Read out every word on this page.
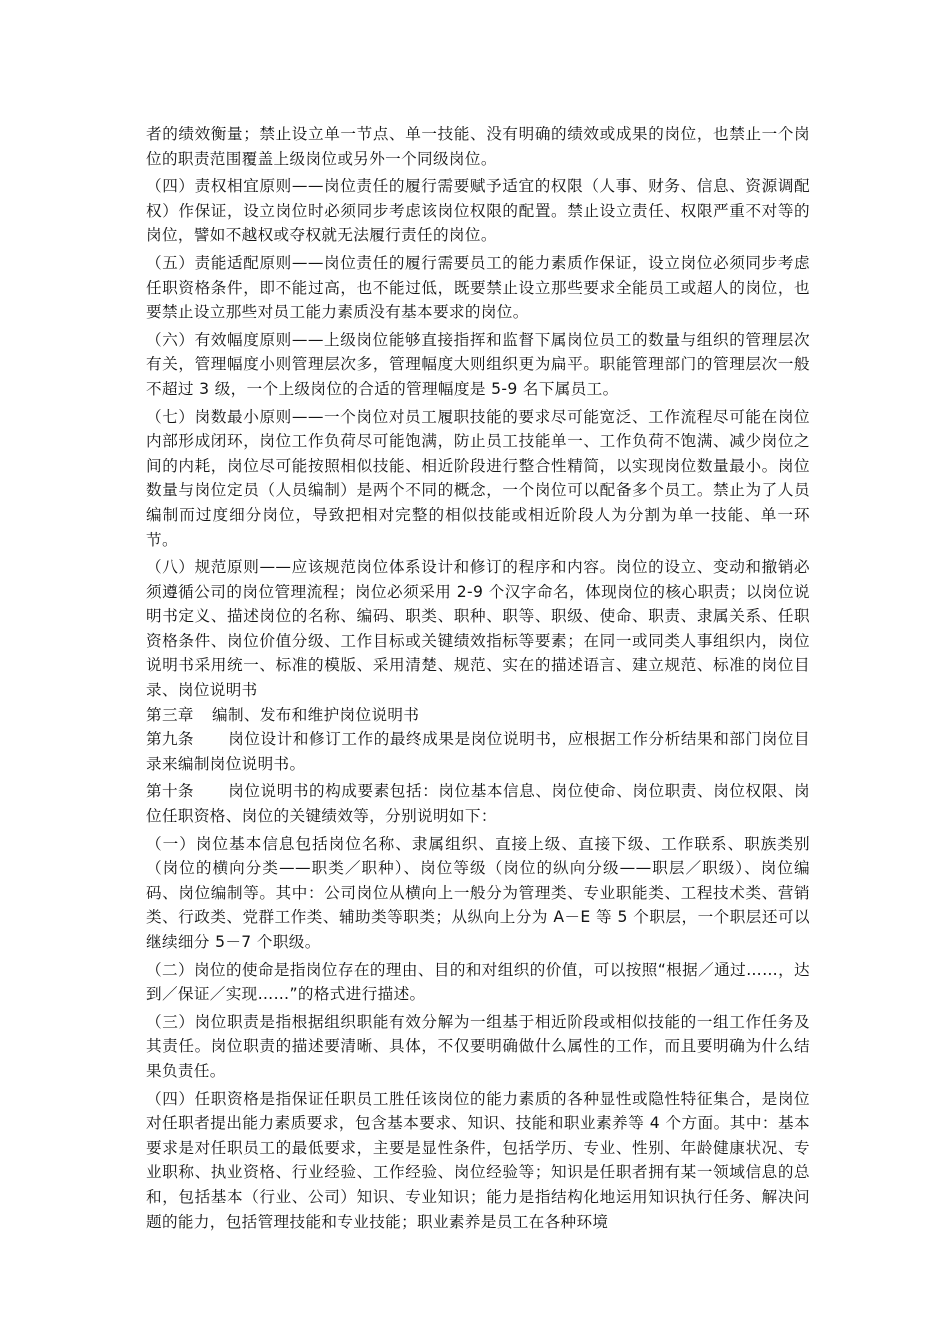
者的绩效衡量；禁止设立单一节点、单一技能、没有明确的绩效或成果的岗位，也禁止一个岗位的职责范围覆盖上级岗位或另外一个同级岗位。

（四）责权相宜原则——岗位责任的履行需要赋予适宜的权限（人事、财务、信息、资源调配权）作保证，设立岗位时必须同步考虑该岗位权限的配置。禁止设立责任、权限严重不对等的岗位，譬如不越权或夺权就无法履行责任的岗位。

（五）责能适配原则——岗位责任的履行需要员工的能力素质作保证，设立岗位必须同步考虑任职资格条件，即不能过高，也不能过低，既要禁止设立那些要求全能员工或超人的岗位，也要禁止设立那些对员工能力素质没有基本要求的岗位。

（六）有效幅度原则——上级岗位能够直接指挥和监督下属岗位员工的数量与组织的管理层次有关，管理幅度小则管理层次多，管理幅度大则组织更为扁平。职能管理部门的管理层次一般不超过 3 级，一个上级岗位的合适的管理幅度是 5-9 名下属员工。

（七）岗数最小原则——一个岗位对员工履职技能的要求尽可能宽泛、工作流程尽可能在岗位内部形成闭环，岗位工作负荷尽可能饱满，防止员工技能单一、工作负荷不饱满、减少岗位之间的内耗，岗位尽可能按照相似技能、相近阶段进行整合性精简，以实现岗位数量最小。岗位数量与岗位定员（人员编制）是两个不同的概念，一个岗位可以配备多个员工。禁止为了人员编制而过度细分岗位，导致把相对完整的相似技能或相近阶段人为分割为单一技能、单一环节。

（八）规范原则——应该规范岗位体系设计和修订的程序和内容。岗位的设立、变动和撤销必须遵循公司的岗位管理流程；岗位必须采用 2-9 个汉字命名，体现岗位的核心职责；以岗位说明书定义、描述岗位的名称、编码、职类、职种、职等、职级、使命、职责、隶属关系、任职资格条件、岗位价值分级、工作目标或关键绩效指标等要素；在同一或同类人事组织内，岗位说明书采用统一、标准的模版、采用清楚、规范、实在的描述语言、建立规范、标准的岗位目录、岗位说明书

第三章 编制、发布和维护岗位说明书

第九条 岗位设计和修订工作的最终成果是岗位说明书，应根据工作分析结果和部门岗位目录来编制岗位说明书。

第十条 岗位说明书的构成要素包括：岗位基本信息、岗位使命、岗位职责、岗位权限、岗位任职资格、岗位的关键绩效等，分别说明如下：

（一）岗位基本信息包括岗位名称、隶属组织、直接上级、直接下级、工作联系、职族类别（岗位的横向分类——职类／职种）、岗位等级（岗位的纵向分级——职层／职级）、岗位编码、岗位编制等。其中：公司岗位从横向上一般分为管理类、专业职能类、工程技术类、营销类、行政类、党群工作类、辅助类等职类；从纵向上分为 A－E 等 5 个职层，一个职层还可以继续细分 5－7 个职级。

（二）岗位的使命是指岗位存在的理由、目的和对组织的价值，可以按照“根据／通过……，达到／保证／实现……”的格式进行描述。

（三）岗位职责是指根据组织职能有效分解为一组基于相近阶段或相似技能的一组工作任务及其责任。岗位职责的描述要清晰、具体，不仅要明确做什么属性的工作，而且要明确为什么结果负责任。

（四）任职资格是指保证任职员工胜任该岗位的能力素质的各种显性或隐性特征集合，是岗位对任职者提出能力素质要求，包含基本要求、知识、技能和职业素养等 4 个方面。其中：基本要求是对任职员工的最低要求，主要是显性条件，包括学历、专业、性别、年龄健康状况、专业职称、执业资格、行业经验、工作经验、岗位经验等；知识是任职者拥有某一领域信息的总和，包括基本（行业、公司）知识、专业知识；能力是指结构化地运用知识执行任务、解决问题的能力，包括管理技能和专业技能；职业素养是员工在各种环境
